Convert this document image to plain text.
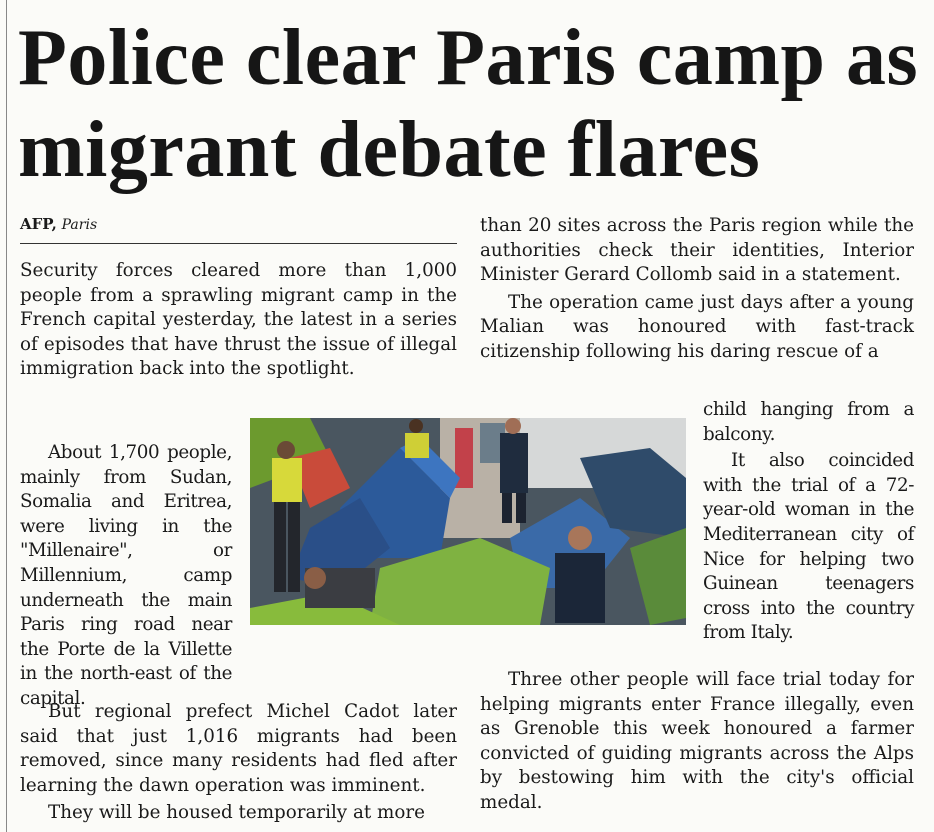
Police clear Paris camp as migrant debate flares
AFP, Paris

Security forces cleared more than 1,000 people from a sprawling migrant camp in the French capital yesterday, the latest in a series of episodes that have thrust the issue of illegal immigration back into the spotlight.

About 1,700 people, mainly from Sudan, Somalia and Eritrea, were living in the "Millenaire", or Millennium, camp underneath the main Paris ring road near the Porte de la Villette in the north-east of the capital.

But regional prefect Michel Cadot later said that just 1,016 migrants had been removed, since many residents had fled after learning the dawn operation was imminent.

They will be housed temporarily at more

than 20 sites across the Paris region while the authorities check their identities, Interior Minister Gerard Collomb said in a statement.

The operation came just days after a young Malian was honoured with fast-track citizenship following his daring rescue of a

child hanging from a balcony.

It also coincided with the trial of a 72-year-old woman in the Mediterranean city of Nice for helping two Guinean teenagers cross into the country from Italy.

Three other people will face trial today for helping migrants enter France illegally, even as Grenoble this week honoured a farmer convicted of guiding migrants across the Alps by bestowing him with the city's official medal.
